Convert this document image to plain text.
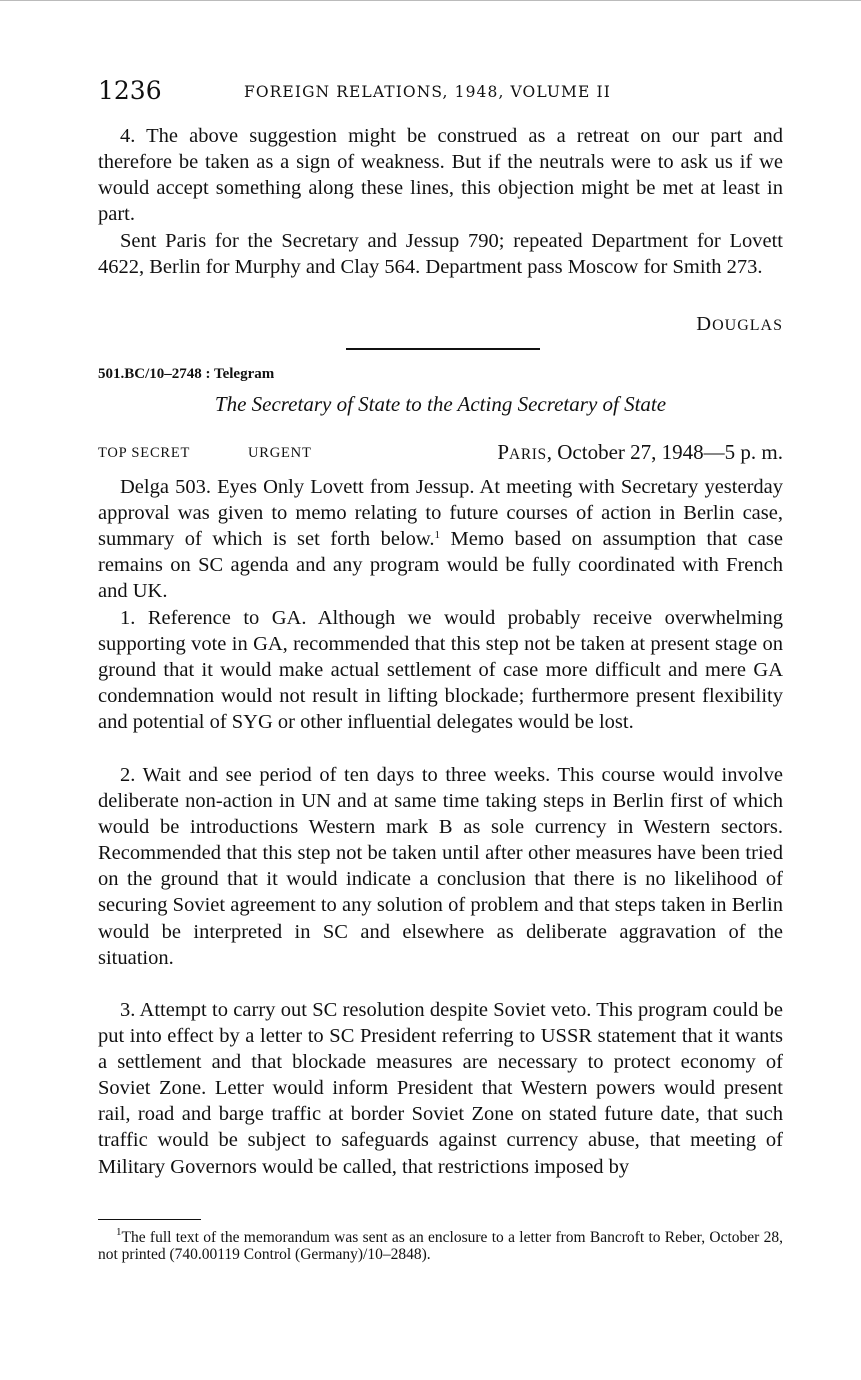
1236	FOREIGN RELATIONS, 1948, VOLUME II

4. The above suggestion might be construed as a retreat on our part and therefore be taken as a sign of weakness. But if the neutrals were to ask us if we would accept something along these lines, this objection might be met at least in part.

Sent Paris for the Secretary and Jessup 790; repeated Department for Lovett 4622, Berlin for Murphy and Clay 564. Department pass Moscow for Smith 273.

DOUGLAS
501.BC/10–2748 : Telegram
The Secretary of State to the Acting Secretary of State
TOP SECRET	URGENT	PARIS, October 27, 1948—5 p. m.

Delga 503. Eyes Only Lovett from Jessup. At meeting with Secretary yesterday approval was given to memo relating to future courses of action in Berlin case, summary of which is set forth below.$^1$ Memo based on assumption that case remains on SC agenda and any program would be fully coordinated with French and UK.

1. Reference to GA. Although we would probably receive overwhelming supporting vote in GA, recommended that this step not be taken at present stage on ground that it would make actual settlement of case more difficult and mere GA condemnation would not result in lifting blockade; furthermore present flexibility and potential of SYG or other influential delegates would be lost.

2. Wait and see period of ten days to three weeks. This course would involve deliberate non-action in UN and at same time taking steps in Berlin first of which would be introductions Western mark B as sole currency in Western sectors. Recommended that this step not be taken until after other measures have been tried on the ground that it would indicate a conclusion that there is no likelihood of securing Soviet agreement to any solution of problem and that steps taken in Berlin would be interpreted in SC and elsewhere as deliberate aggravation of the situation.

3. Attempt to carry out SC resolution despite Soviet veto. This program could be put into effect by a letter to SC President referring to USSR statement that it wants a settlement and that blockade measures are necessary to protect economy of Soviet Zone. Letter would inform President that Western powers would present rail, road and barge traffic at border Soviet Zone on stated future date, that such traffic would be subject to safeguards against currency abuse, that meeting of Military Governors would be called, that restrictions imposed by

$^1$The full text of the memorandum was sent as an enclosure to a letter from Bancroft to Reber, October 28, not printed (740.00119 Control (Germany)/10–2848).
